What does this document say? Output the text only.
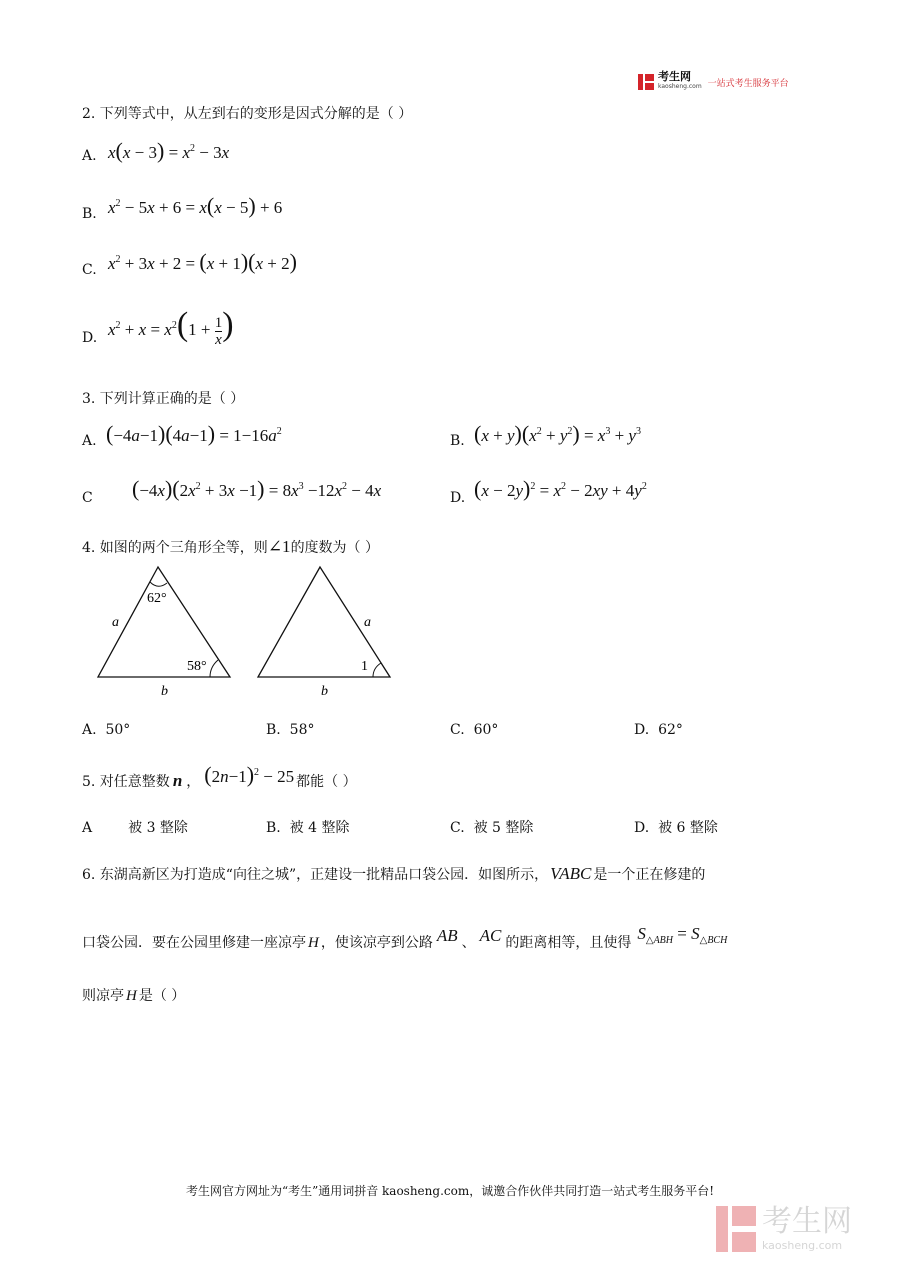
考生网
kaosheng.com 一站式考生服务平台
2. 下列等式中，从左到右的变形是因式分解的是（ ）
A. $x(x - 3) = x^2 - 3x$
B. $x^2 - 5x + 6 = x(x - 5) + 6$
C. $x^2 + 3x + 2 = (x + 1)(x + 2)$
D. $x^2 + x = x^2(1 + \frac{1}{x}$ )
3. 下列计算正确的是（ ）
A. $(-4a-1)(4a-1) = 1-16a^2$
B. $(x + y)(x^2 + y^2) = x^3 + y^3$
C $(-4x)(2x^2 + 3x -1) = 8x^3 -12x^2 - 4x$	D. $(x - 2y)^2 = x^2 - 2xy + 4y^2$
4. 如图的两个三角形全等，则∠1的度数为（ ）
62°
58°
a
b
1
a
b
A. 50°	B. 58°	C. 60°	D. 62°
5. 对任意整数 n ， $(2n-1)^2 - 25$ 都能（ ）
A	被 3 整除	B. 被 4 整除	C. 被 5 整除	D. 被 6 整除
6. 东湖高新区为打造成“向往之城”，正建设一批精品口袋公园．如图所示， VABC 是一个正在修建的
口袋公园．要在公园里修建一座凉亭 H ，使该凉亭到公路 AB 、 AC 的距离相等，且使得 $S_{\triangle ABH} = S_{\triangle BCH}$
则凉亭 H 是（ ）
考生网官方网址为“考生”通用词拼音 kaosheng.com，诚邀合作伙伴共同打造一站式考生服务平台!
考生网
kaosheng.com
